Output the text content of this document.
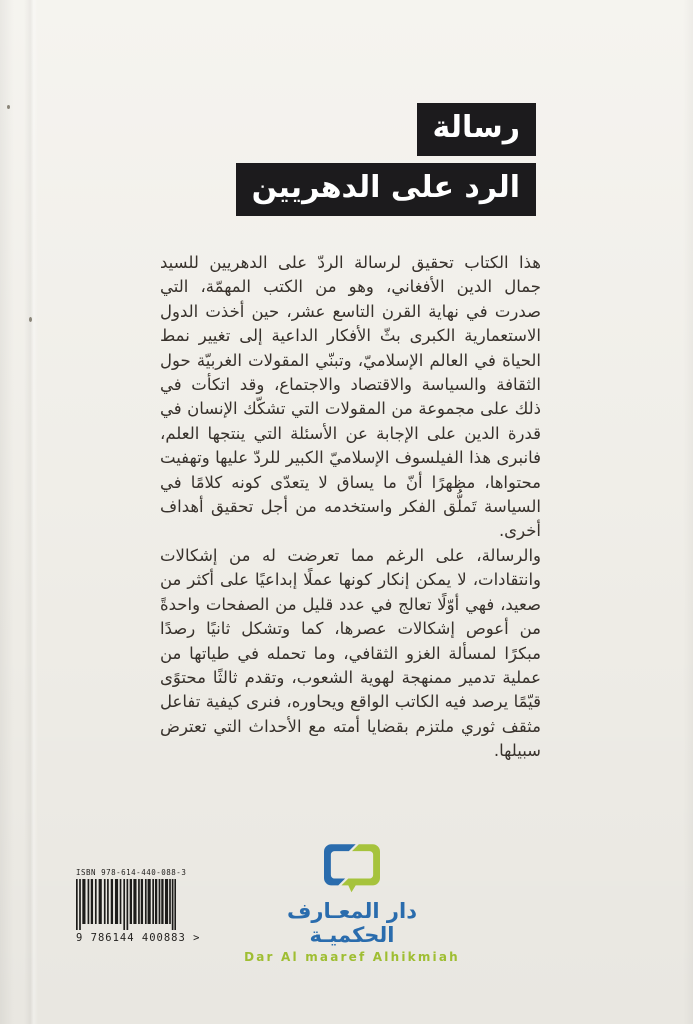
رسالة
الرد على الدهريين

هذا الكتاب تحقيق لرسالة الردّ على الدهريين للسيد جمال الدين الأفغاني، وهو من الكتب المهمّة، التي صدرت في نهاية القرن التاسع عشر، حين أخذت الدول الاستعمارية الكبرى بثّ الأفكار الداعية إلى تغيير نمط الحياة في العالم الإسلاميّ، وتبنّي المقولات الغربيّة حول الثقافة والسياسة والاقتصاد والاجتماع، وقد اتكأت في ذلك على مجموعة من المقولات التي تشكّك الإنسان في قدرة الدين على الإجابة عن الأسئلة التي ينتجها العلم، فانبرى هذا الفيلسوف الإسلاميّ الكبير للردّ عليها وتهفيت محتواها، مظهرًا أنّ ما يساق لا يتعدّى كونه كلامًا في السياسة تَملُّق الفكر واستخدمه من أجل تحقيق أهداف أخرى.

والرسالة، على الرغم مما تعرضت له من إشكالات وانتقادات، لا يمكن إنكار كونها عملًا إبداعيًا على أكثر من صعيد، فهي أوّلًا تعالج في عدد قليل من الصفحات واحدةً من أعوص إشكالات عصرها، كما وتشكل ثانيًا رصدًا مبكرًا لمسألة الغزو الثقافي، وما تحمله في طياتها من عملية تدمير ممنهجة لهوية الشعوب، وتقدم ثالثًا محتوًى قيّمًا يرصد فيه الكاتب الواقع ويحاوره، فنرى كيفية تفاعل مثقف ثوري ملتزم بقضايا أمته مع الأحداث التي تعترض سبيلها.

ISBN 978-614-440-088-3
9 786144 400883 >
دار المعـارف الحكميـة
Dar Al maaref Alhikmiah
